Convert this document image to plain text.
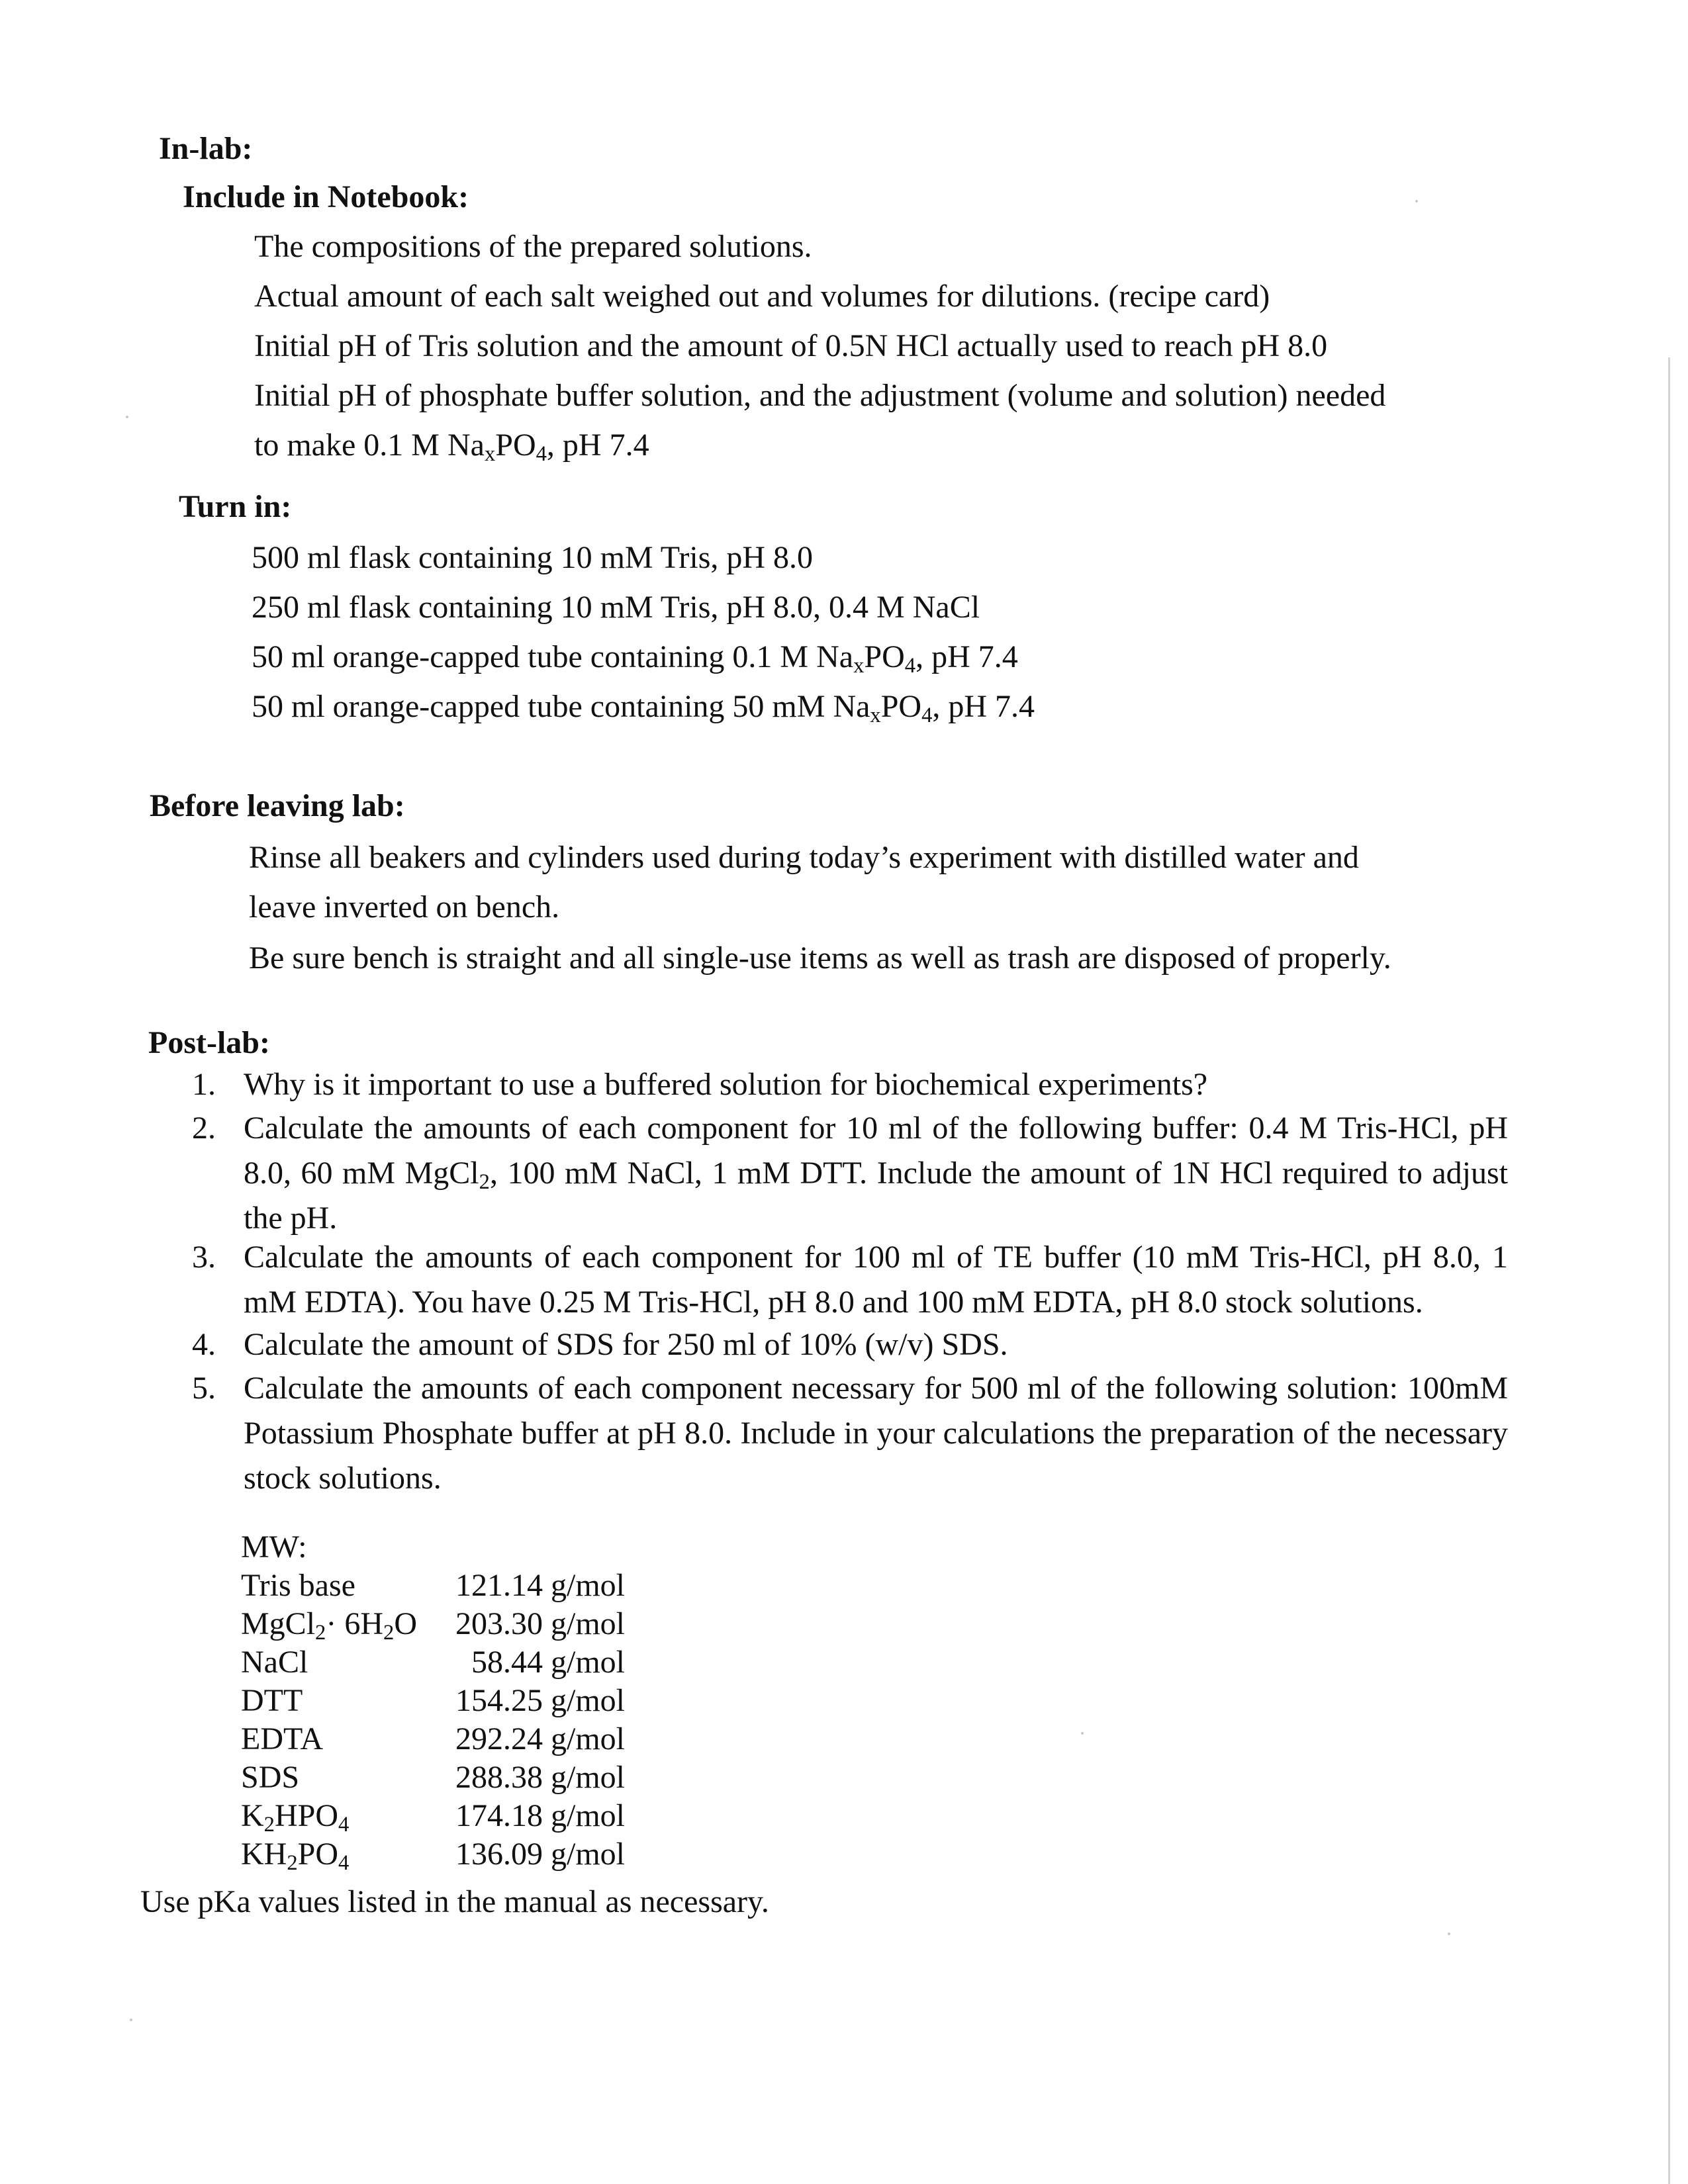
In-lab:
Include in Notebook:
The compositions of the prepared solutions.
Actual amount of each salt weighed out and volumes for dilutions. (recipe card)
Initial pH of Tris solution and the amount of 0.5N HCl actually used to reach pH 8.0
Initial pH of phosphate buffer solution, and the adjustment (volume and solution) needed
to make 0.1 M $Na_xPO_4$, pH 7.4
Turn in:
500 ml flask containing 10 mM Tris, pH 8.0
250 ml flask containing 10 mM Tris, pH 8.0, 0.4 M NaCl
50 ml orange-capped tube containing 0.1 M $Na_xPO_4$, pH 7.4
50 ml orange-capped tube containing 50 mM $Na_xPO_4$, pH 7.4
Before leaving lab:
Rinse all beakers and cylinders used during today’s experiment with distilled water and
leave inverted on bench.
Be sure bench is straight and all single-use items as well as trash are disposed of properly.
Post-lab:
1. Why is it important to use a buffered solution for biochemical experiments?
2. Calculate the amounts of each component for 10 ml of the following buffer: 0.4 M Tris-HCl, pH 8.0, 60 mM MgCl$_2$, 100 mM NaCl, 1 mM DTT. Include the amount of 1N HCl required to adjust the pH.
3. Calculate the amounts of each component for 100 ml of TE buffer (10 mM Tris-HCl, pH 8.0, 1 mM EDTA). You have 0.25 M Tris-HCl, pH 8.0 and 100 mM EDTA, pH 8.0 stock solutions.
4. Calculate the amount of SDS for 250 ml of 10% (w/v) SDS.
5. Calculate the amounts of each component necessary for 500 ml of the following solution: 100mM Potassium Phosphate buffer at pH 8.0. Include in your calculations the preparation of the necessary stock solutions.
MW:
Tris base	121.14 g/mol
MgCl$_2$· $6H_2O$	203.30 g/mol
NaCl	58.44 g/mol
DTT	154.25 g/mol
EDTA	292.24 g/mol
SDS	288.38 g/mol
$K_2HPO_4$	174.18 g/mol
$KH_2PO_4$	136.09 g/mol
Use pKa values listed in the manual as necessary.
